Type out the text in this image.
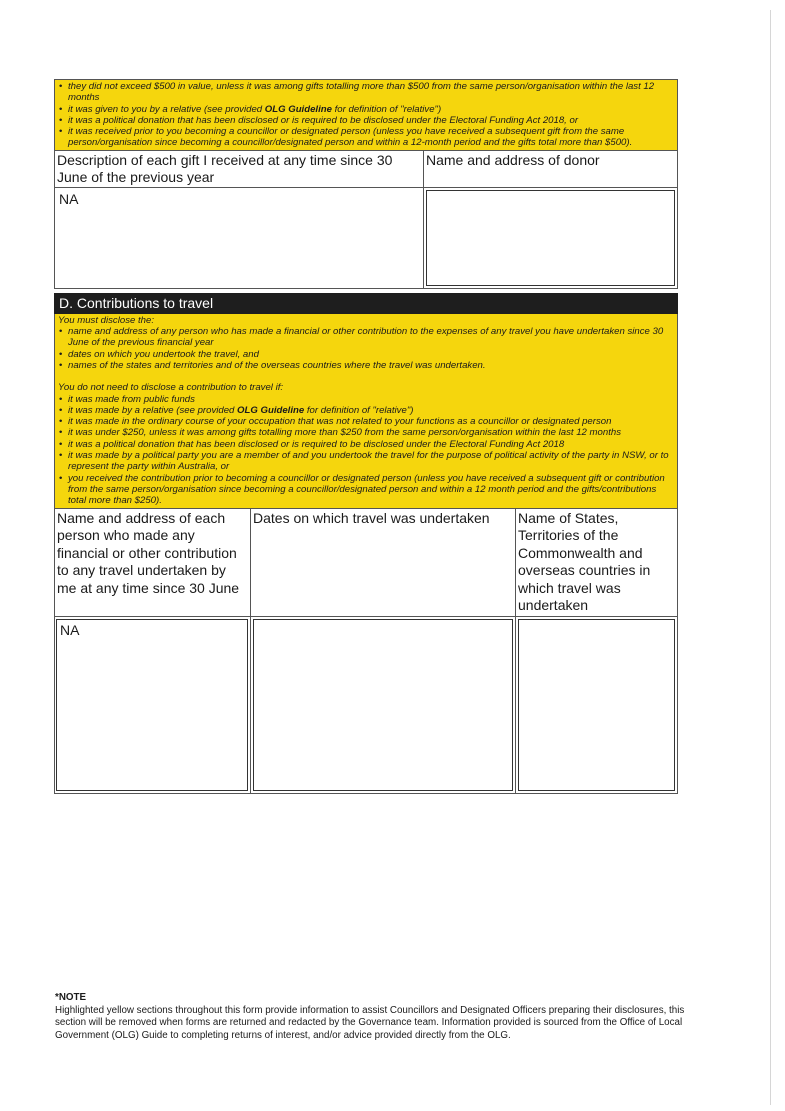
• they did not exceed $500 in value, unless it was among gifts totalling more than $500 from the same person/organisation within the last 12 months
• it was given to you by a relative (see provided OLG Guideline for definition of "relative")
• it was a political donation that has been disclosed or is required to be disclosed under the Electoral Funding Act 2018, or
• it was received prior to you becoming a councillor or designated person (unless you have received a subsequent gift from the same person/organisation since becoming a councillor/designated person and within a 12-month period and the gifts total more than $500).
Description of each gift I received at any time since 30 June of the previous year
Name and address of donor
NA
D. Contributions to travel

You must disclose the:

• name and address of any person who has made a financial or other contribution to the expenses of any travel you have undertaken since 30 June of the previous financial year
• dates on which you undertook the travel, and
• names of the states and territories and of the overseas countries where the travel was undertaken.

You do not need to disclose a contribution to travel if:

• it was made from public funds
• it was made by a relative (see provided OLG Guideline for definition of "relative")
• it was made in the ordinary course of your occupation that was not related to your functions as a councillor or designated person
• it was under $250, unless it was among gifts totalling more than $250 from the same person/organisation within the last 12 months
• it was a political donation that has been disclosed or is required to be disclosed under the Electoral Funding Act 2018
• it was made by a political party you are a member of and you undertook the travel for the purpose of political activity of the party in NSW, or to represent the party within Australia, or
• you received the contribution prior to becoming a councillor or designated person (unless you have received a subsequent gift or contribution from the same person/organisation since becoming a councillor/designated person and within a 12 month period and the gifts/contributions total more than $250).
Name and address of each person who made any financial or other contribution to any travel undertaken by me at any time since 30 June
Dates on which travel was undertaken	Name of States, Territories of the Commonwealth and overseas countries in which travel was undertaken
NA
*NOTE
Highlighted yellow sections throughout this form provide information to assist Councillors and Designated Officers preparing their disclosures, this section will be removed when forms are returned and redacted by the Governance team. Information provided is sourced from the Office of Local Government (OLG) Guide to completing returns of interest, and/or advice provided directly from the OLG.
